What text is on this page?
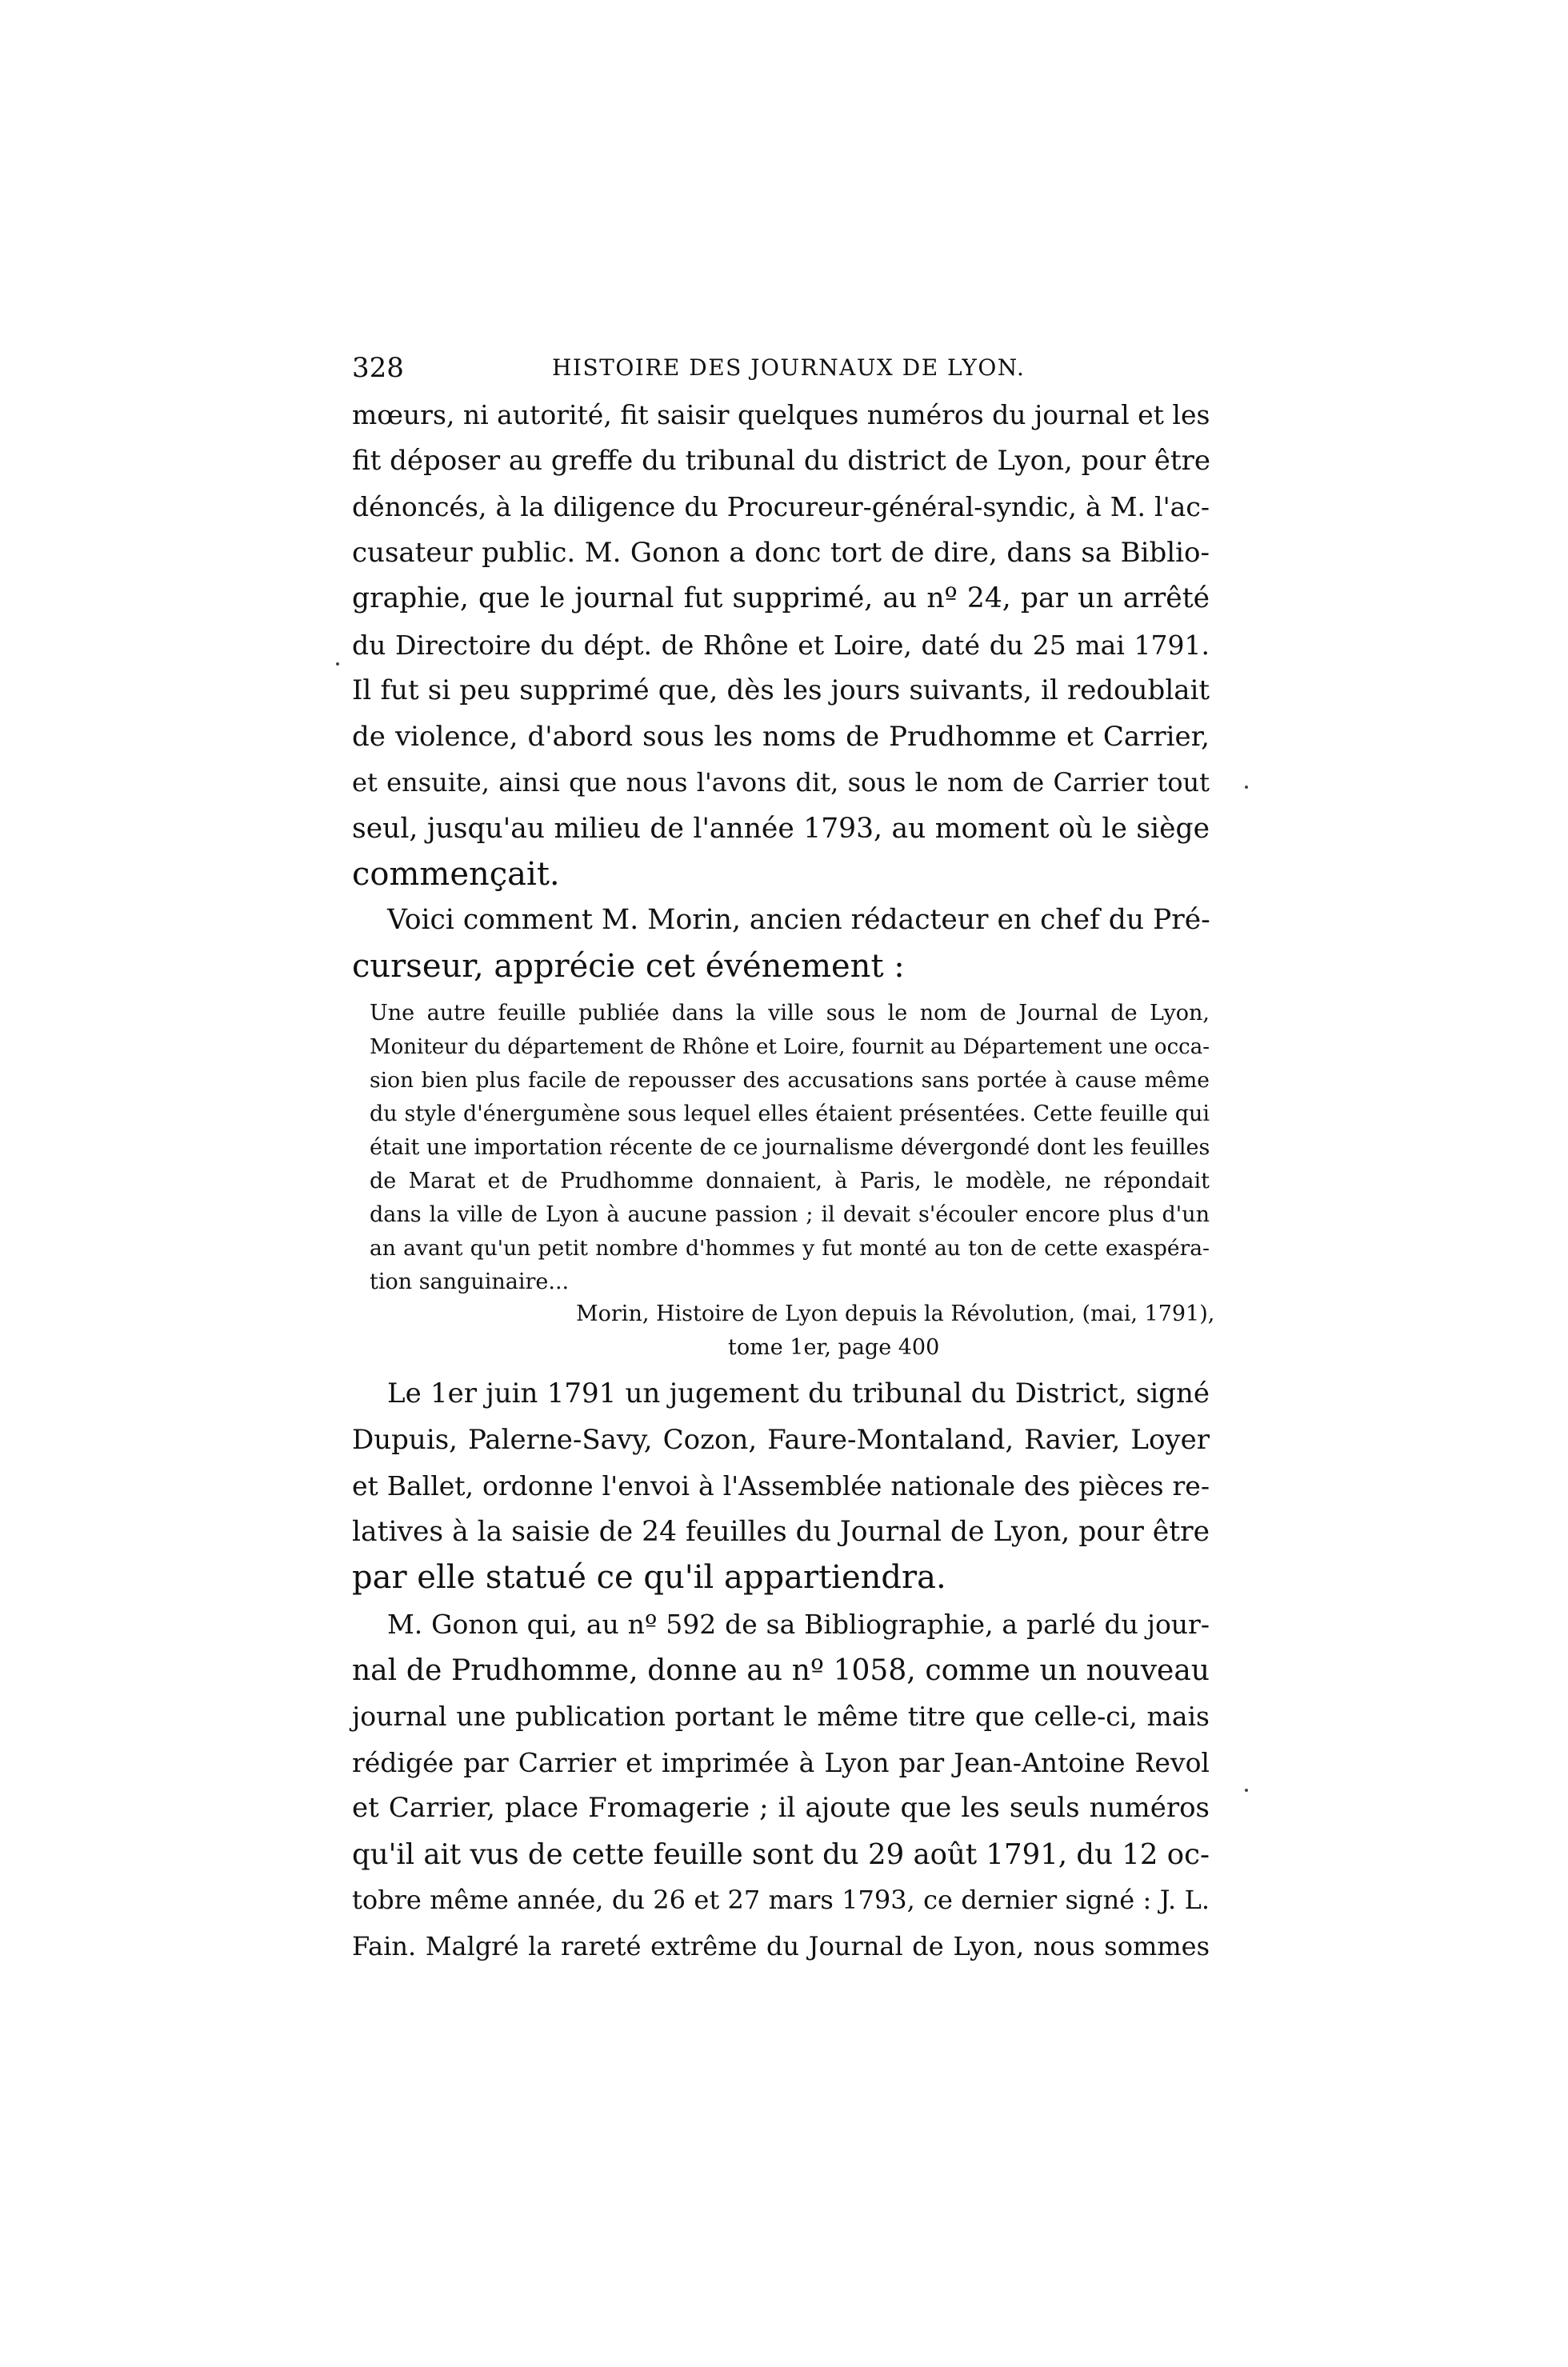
328	HISTOIRE DES JOURNAUX DE LYON.
mœurs, ni autorité, fit saisir quelques numéros du journal et les
fit déposer au greffe du tribunal du district de Lyon, pour être
dénoncés, à la diligence du Procureur-général-syndic, à M. l'ac-
cusateur public. M. Gonon a donc tort de dire, dans sa Biblio-
graphie, que le journal fut supprimé, au nº 24, par un arrêté
du Directoire du dépt. de Rhône et Loire, daté du 25 mai 1791.
Il fut si peu supprimé que, dès les jours suivants, il redoublait
de violence, d'abord sous les noms de Prudhomme et Carrier,
et ensuite, ainsi que nous l'avons dit, sous le nom de Carrier tout
seul, jusqu'au milieu de l'année 1793, au moment où le siège
commençait.
Voici comment M. Morin, ancien rédacteur en chef du Pré-
curseur, apprécie cet événement :
Une autre feuille publiée dans la ville sous le nom de Journal de Lyon,
Moniteur du département de Rhône et Loire, fournit au Département une occa-
sion bien plus facile de repousser des accusations sans portée à cause même
du style d'énergumène sous lequel elles étaient présentées. Cette feuille qui
était une importation récente de ce journalisme dévergondé dont les feuilles
de Marat et de Prudhomme donnaient, à Paris, le modèle, ne répondait
dans la ville de Lyon à aucune passion ; il devait s'écouler encore plus d'un
an avant qu'un petit nombre d'hommes y fut monté au ton de cette exaspéra-
tion sanguinaire...
Morin, Histoire de Lyon depuis la Révolution, (mai, 1791),
tome 1er, page 400
Le 1er juin 1791 un jugement du tribunal du District, signé
Dupuis, Palerne-Savy, Cozon, Faure-Montaland, Ravier, Loyer
et Ballet, ordonne l'envoi à l'Assemblée nationale des pièces re-
latives à la saisie de 24 feuilles du Journal de Lyon, pour être
par elle statué ce qu'il appartiendra.
M. Gonon qui, au nº 592 de sa Bibliographie, a parlé du jour-
nal de Prudhomme, donne au nº 1058, comme un nouveau
journal une publication portant le même titre que celle-ci, mais
rédigée par Carrier et imprimée à Lyon par Jean-Antoine Revol
et Carrier, place Fromagerie ; il ajoute que les seuls numéros
qu'il ait vus de cette feuille sont du 29 août 1791, du 12 oc-
tobre même année, du 26 et 27 mars 1793, ce dernier signé : J. L.
Fain. Malgré la rareté extrême du Journal de Lyon, nous sommes
